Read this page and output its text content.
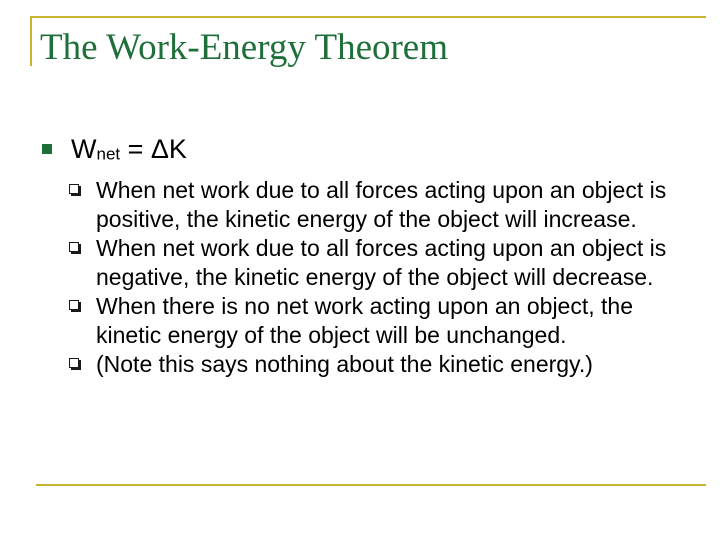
The Work-Energy Theorem
Wnet = ΔK
When net work due to all forces acting upon an object is positive, the kinetic energy of the object will increase.
When net work due to all forces acting upon an object is negative, the kinetic energy of the object will decrease.
When there is no net work acting upon an object, the kinetic energy of the object will be unchanged.
(Note this says nothing about the kinetic energy.)
